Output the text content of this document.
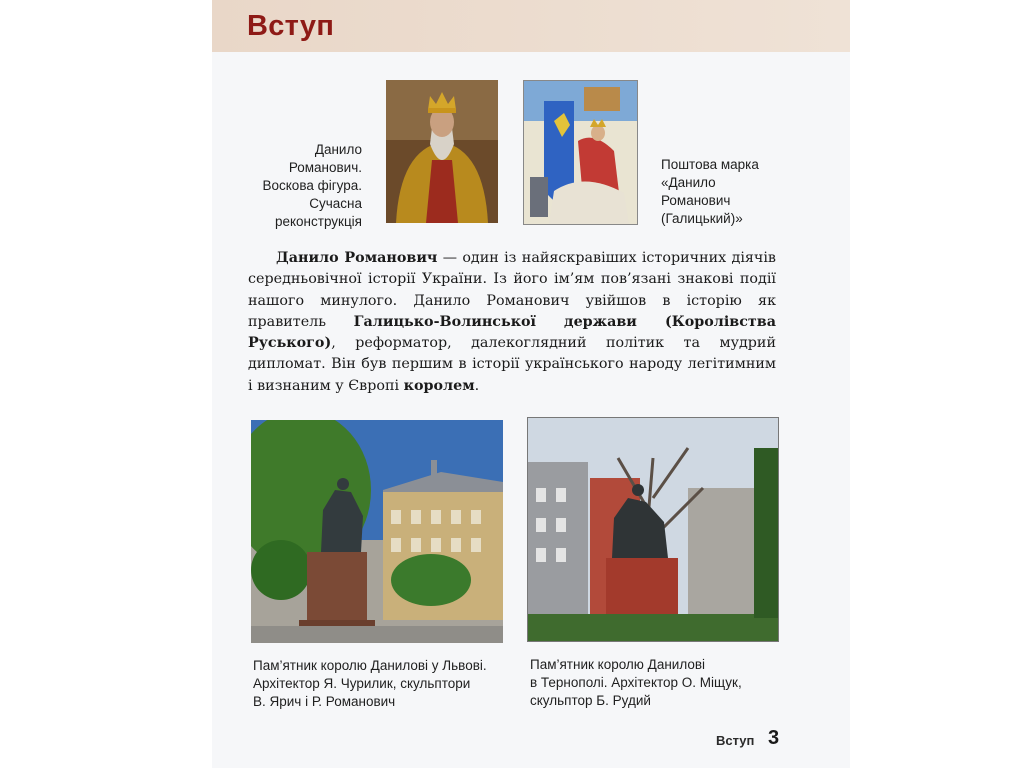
Вступ
Данило
Романович.
Воскова фігура.
Сучасна
реконструкція
Поштова марка
«Данило
Романович
(Галицький)»

Данило Романович — один із найяскравіших історичних діячів середньовічної історії України. Із його ім’ям пов’язані знакові події нашого минулого. Данило Романович увійшов в історію як правитель Галицько-Волинської держави (Королівства Руського), реформатор, далекоглядний політик та мудрий дипломат. Він був першим в історії українського народу легітимним і визнаним у Європі королем.

Пам’ятник королю Данилові у Львові.
Архітектор Я. Чурилик, скульптори
В. Ярич і Р. Романович
Пам’ятник королю Данилові
в Тернополі. Архітектор О. Міщук,
скульптор Б. Рудий
Вступ 3
